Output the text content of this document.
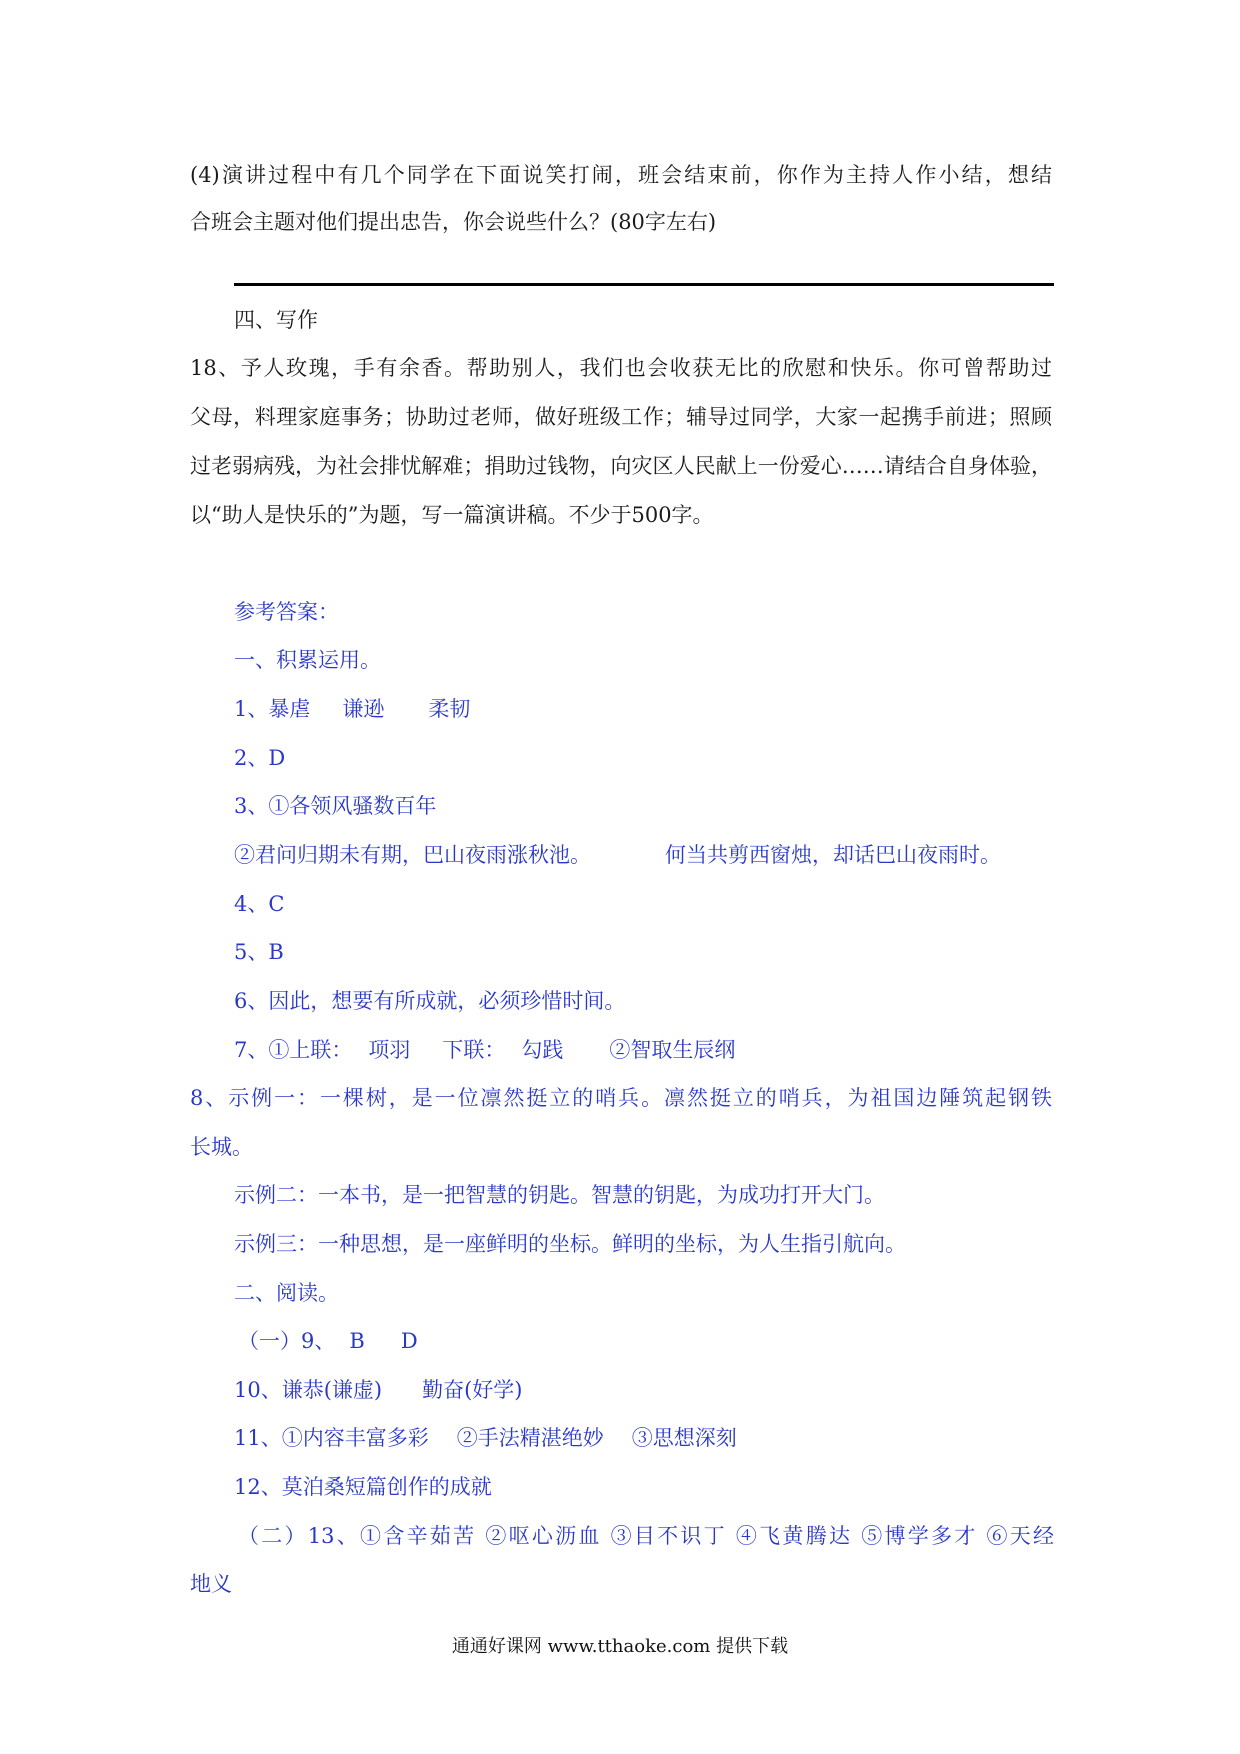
(4)演讲过程中有几个同学在下面说笑打闹，班会结束前，你作为主持人作小结，想结
合班会主题对他们提出忠告，你会说些什么？(80字左右)
四、写作
18、予人玫瑰，手有余香。帮助别人，我们也会收获无比的欣慰和快乐。你可曾帮助过
父母，料理家庭事务；协助过老师，做好班级工作；辅导过同学，大家一起携手前进；照顾
过老弱病残，为社会排忧解难；捐助过钱物，向灾区人民献上一份爱心……请结合自身体验，
以“助人是快乐的”为题，写一篇演讲稿。不少于500字。
参考答案：
一、积累运用。
1、暴虐 谦逊 柔韧
2、D
3、①各领风骚数百年
②君问归期未有期，巴山夜雨涨秋池。	何当共剪西窗烛，却话巴山夜雨时。
4、C
5、B
6、因此，想要有所成就，必须珍惜时间。
7、①上联： 项羽 下联： 勾践 ②智取生辰纲
8、示例一：一棵树，是一位凛然挺立的哨兵。凛然挺立的哨兵，为祖国边陲筑起钢铁
长城。
示例二：一本书，是一把智慧的钥匙。智慧的钥匙，为成功打开大门。
示例三：一种思想，是一座鲜明的坐标。鲜明的坐标，为人生指引航向。
二、阅读。
（一）9、 B D
10、谦恭(谦虚) 勤奋(好学)
11、①内容丰富多彩 ②手法精湛绝妙 ③思想深刻
12、莫泊桑短篇创作的成就
（二）13、①含辛茹苦 ②呕心沥血 ③目不识丁 ④飞黄腾达 ⑤博学多才 ⑥天经
地义
通通好课网 www.tthaoke.com 提供下载
